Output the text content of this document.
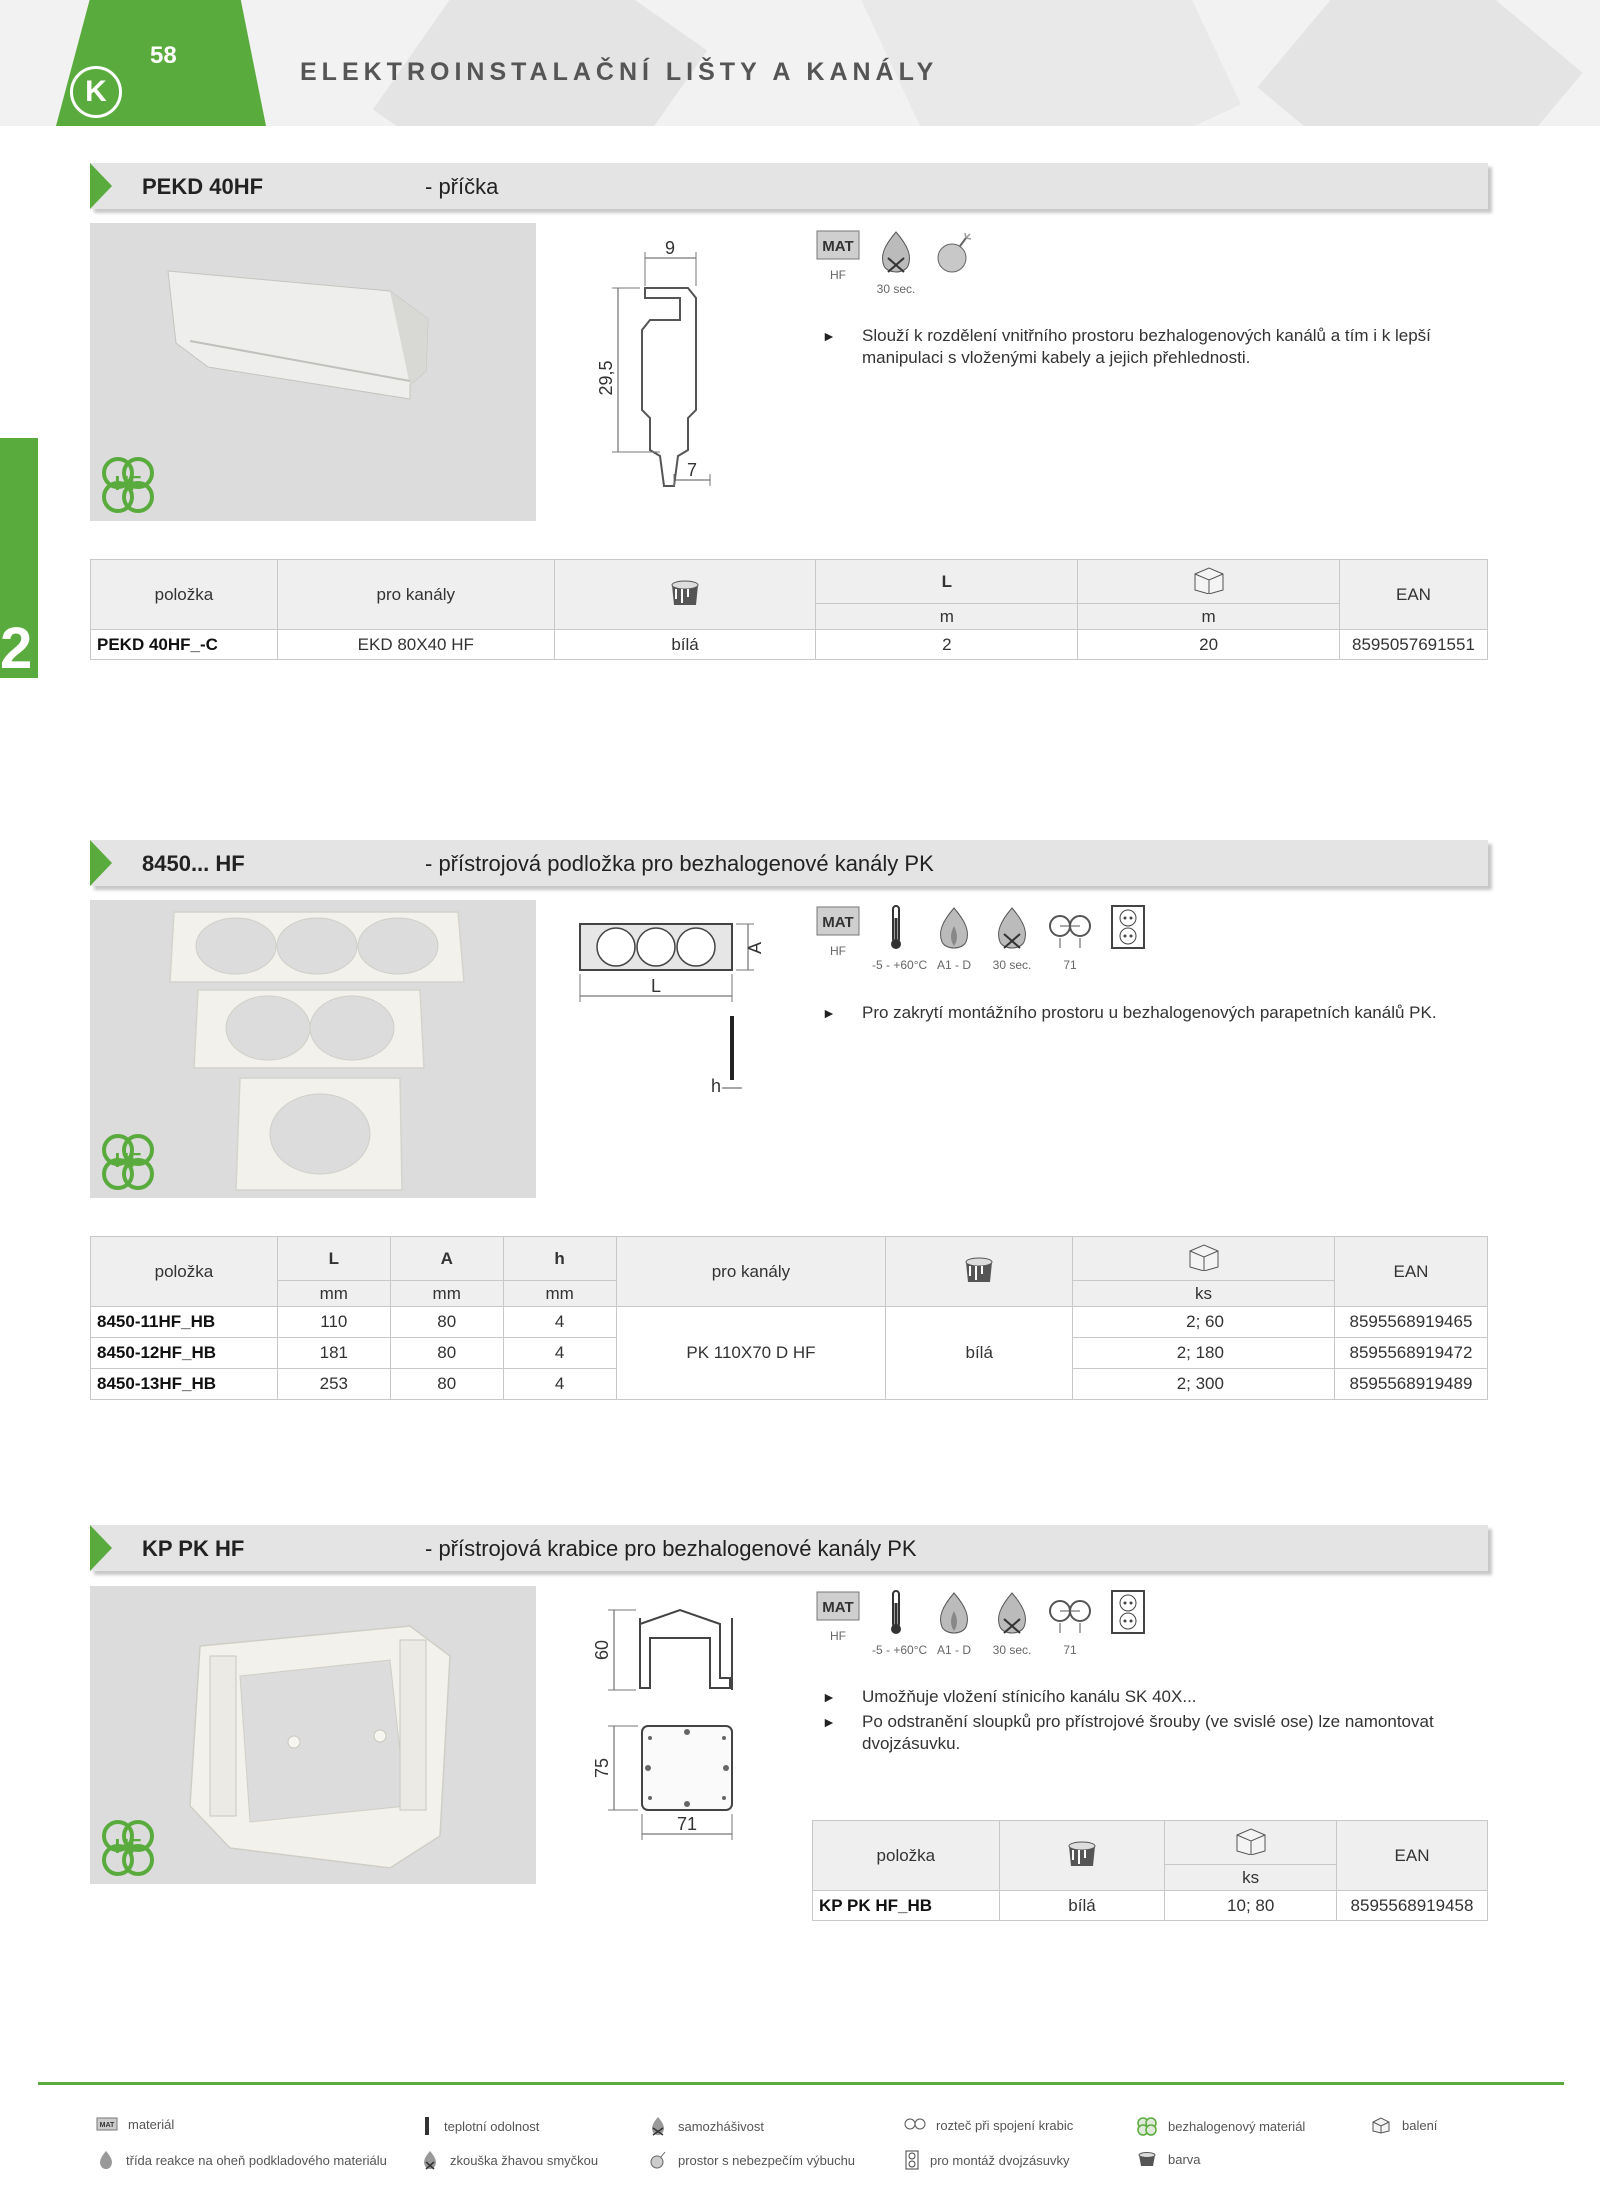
58
K
ELEKTROINSTALAČNÍ LIŠTY A KANÁLY
2
PEKD 40HF	- příčka
HF
9
29,5
7
MAT
HF
30 sec.
► Slouží k rozdělení vnitřního prostoru bezhalogenových kanálů a tím i k lepší manipulaci s vloženými kabely a jejich přehlednosti.
položka	pro kanály		L		EAN
			m	m	
PEKD 40HF_-C	EKD 80X40 HF	bílá	2	20	8595057691551
8450... HF	- přístrojová podložka pro bezhalogenové kanály PK
HF
L
A
h
MAT
HF
-5 - +60°C A1 - D	30 sec.	71
► Pro zakrytí montážního prostoru u bezhalogenových parapetních kanálů PK.
položka	L	A	h	pro kanály			EAN
	mm	mm	mm			ks	
8450-11HF_HB	110	80	4	PK 110X70 D HF	bílá	2; 60	8595568919465
8450-12HF_HB	181	80	4			2; 180	8595568919472
8450-13HF_HB	253	80	4			2; 300	8595568919489
KP PK HF	- přístrojová krabice pro bezhalogenové kanály PK
HF
60
75
71
MAT
HF
-5 - +60°C A1 - D	30 sec.	71
► Umožňuje vložení stínicího kanálu SK 40X...
► Po odstranění sloupků pro přístrojové šrouby (ve svislé ose) lze namontovat dvojzásuvku.
položka			EAN
		ks	
KP PK HF_HB	bílá	10; 80	8595568919458
MAT materiál	teplotní odolnost	samozhášivost	rozteč při spojení krabic	bezhalogenový materiál	balení
třída reakce na oheň podkladového materiálu	zkouška žhavou smyčkou	prostor s nebezpečím výbuchu	pro montáž dvojzásuvky	barva
